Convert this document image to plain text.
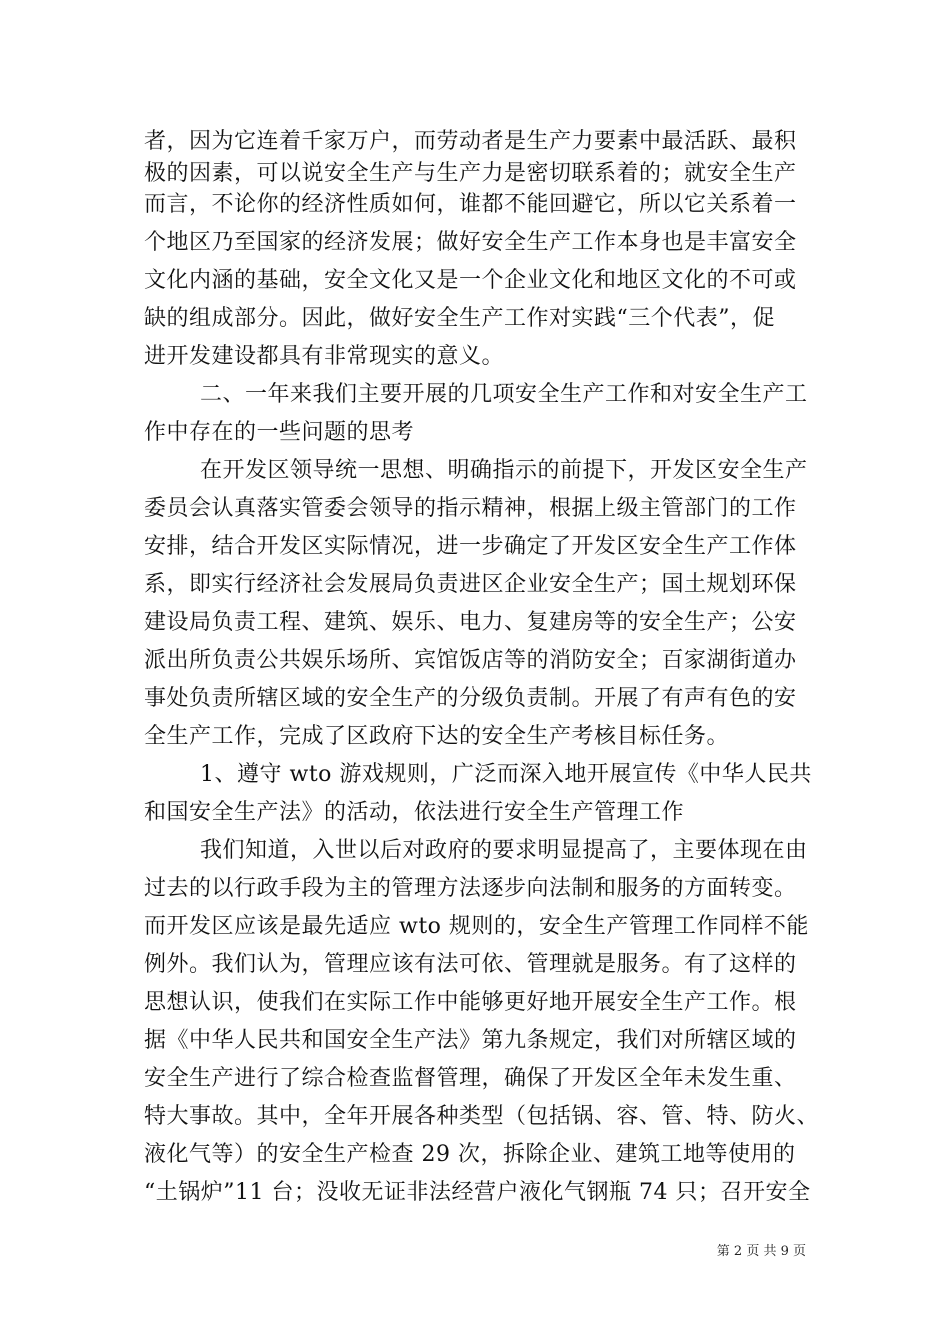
者，因为它连着千家万户，而劳动者是生产力要素中最活跃、最积
极的因素，可以说安全生产与生产力是密切联系着的；就安全生产
而言，不论你的经济性质如何，谁都不能回避它，所以它关系着一
个地区乃至国家的经济发展；做好安全生产工作本身也是丰富安全
文化内涵的基础，安全文化又是一个企业文化和地区文化的不可或
缺的组成部分。因此，做好安全生产工作对实践“三个代表”，促
进开发建设都具有非常现实的意义。
二、一年来我们主要开展的几项安全生产工作和对安全生产工
作中存在的一些问题的思考
在开发区领导统一思想、明确指示的前提下，开发区安全生产
委员会认真落实管委会领导的指示精神，根据上级主管部门的工作
安排，结合开发区实际情况，进一步确定了开发区安全生产工作体
系，即实行经济社会发展局负责进区企业安全生产；国土规划环保
建设局负责工程、建筑、娱乐、电力、复建房等的安全生产；公安
派出所负责公共娱乐场所、宾馆饭店等的消防安全；百家湖街道办
事处负责所辖区域的安全生产的分级负责制。开展了有声有色的安
全生产工作，完成了区政府下达的安全生产考核目标任务。
1、遵守 wto 游戏规则，广泛而深入地开展宣传《中华人民共
和国安全生产法》的活动，依法进行安全生产管理工作
我们知道，入世以后对政府的要求明显提高了，主要体现在由
过去的以行政手段为主的管理方法逐步向法制和服务的方面转变。
而开发区应该是最先适应 wto 规则的，安全生产管理工作同样不能
例外。我们认为，管理应该有法可依、管理就是服务。有了这样的
思想认识，使我们在实际工作中能够更好地开展安全生产工作。根
据《中华人民共和国安全生产法》第九条规定，我们对所辖区域的
安全生产进行了综合检查监督管理，确保了开发区全年未发生重、
特大事故。其中，全年开展各种类型（包括锅、容、管、特、防火、
液化气等）的安全生产检查 29 次，拆除企业、建筑工地等使用的
“土锅炉”11 台；没收无证非法经营户液化气钢瓶 74 只；召开安全
第 2 页 共 9 页
